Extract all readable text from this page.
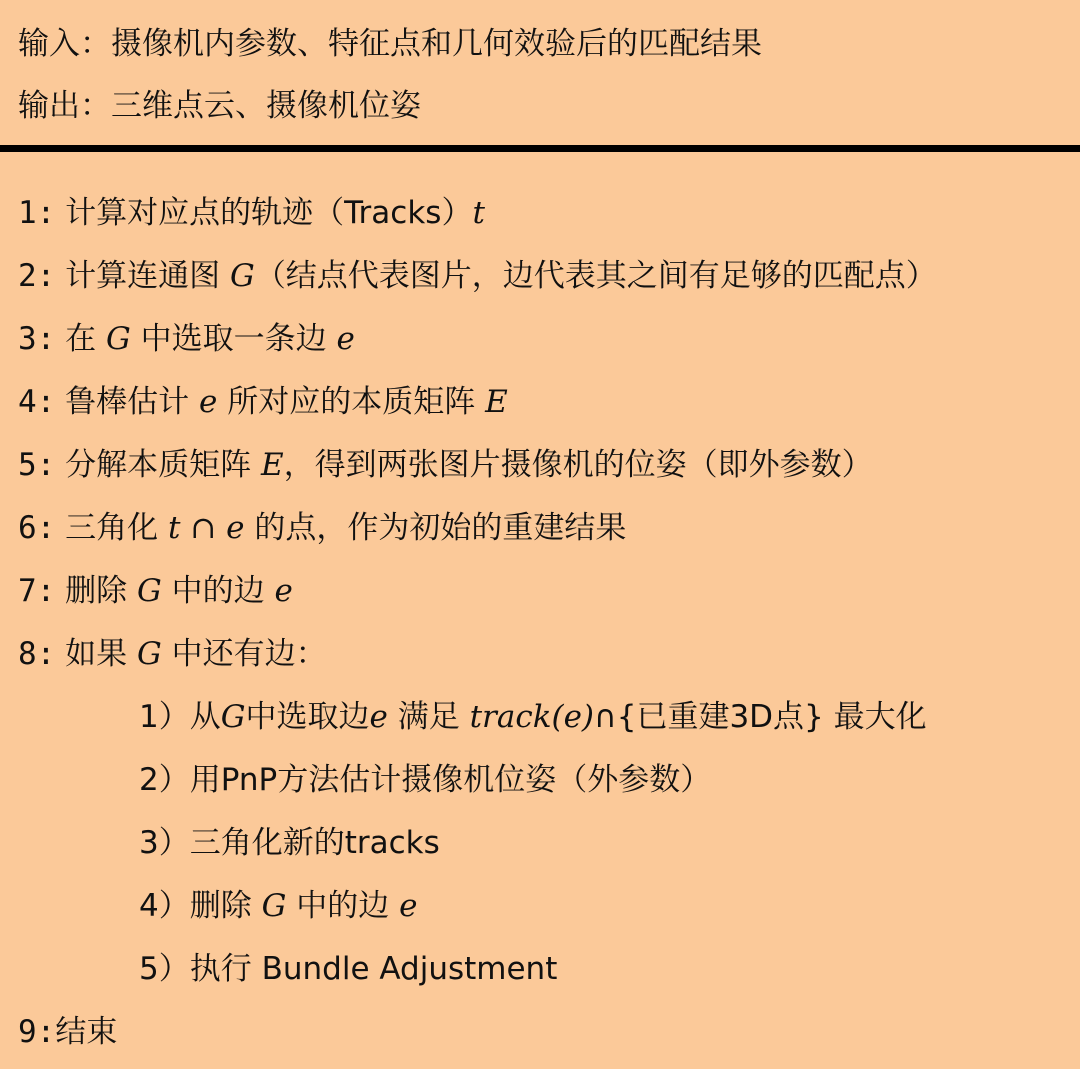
输入：摄像机内参数、特征点和几何效验后的匹配结果
输出：三维点云、摄像机位姿
1: 计算对应点的轨迹（Tracks）t
2: 计算连通图 G（结点代表图片，边代表其之间有足够的匹配点）
3: 在 G 中选取一条边 e
4: 鲁棒估计 e 所对应的本质矩阵 E
5: 分解本质矩阵 E，得到两张图片摄像机的位姿（即外参数）
6: 三角化 t ∩ e 的点，作为初始的重建结果
7: 删除 G 中的边 e
8: 如果 G 中还有边：
1）从G中选取边e 满足 track(e)∩{已重建3D点} 最大化
2）用PnP方法估计摄像机位姿（外参数）
3）三角化新的tracks
4）删除 G 中的边 e
5）执行 Bundle Adjustment
9:结束
